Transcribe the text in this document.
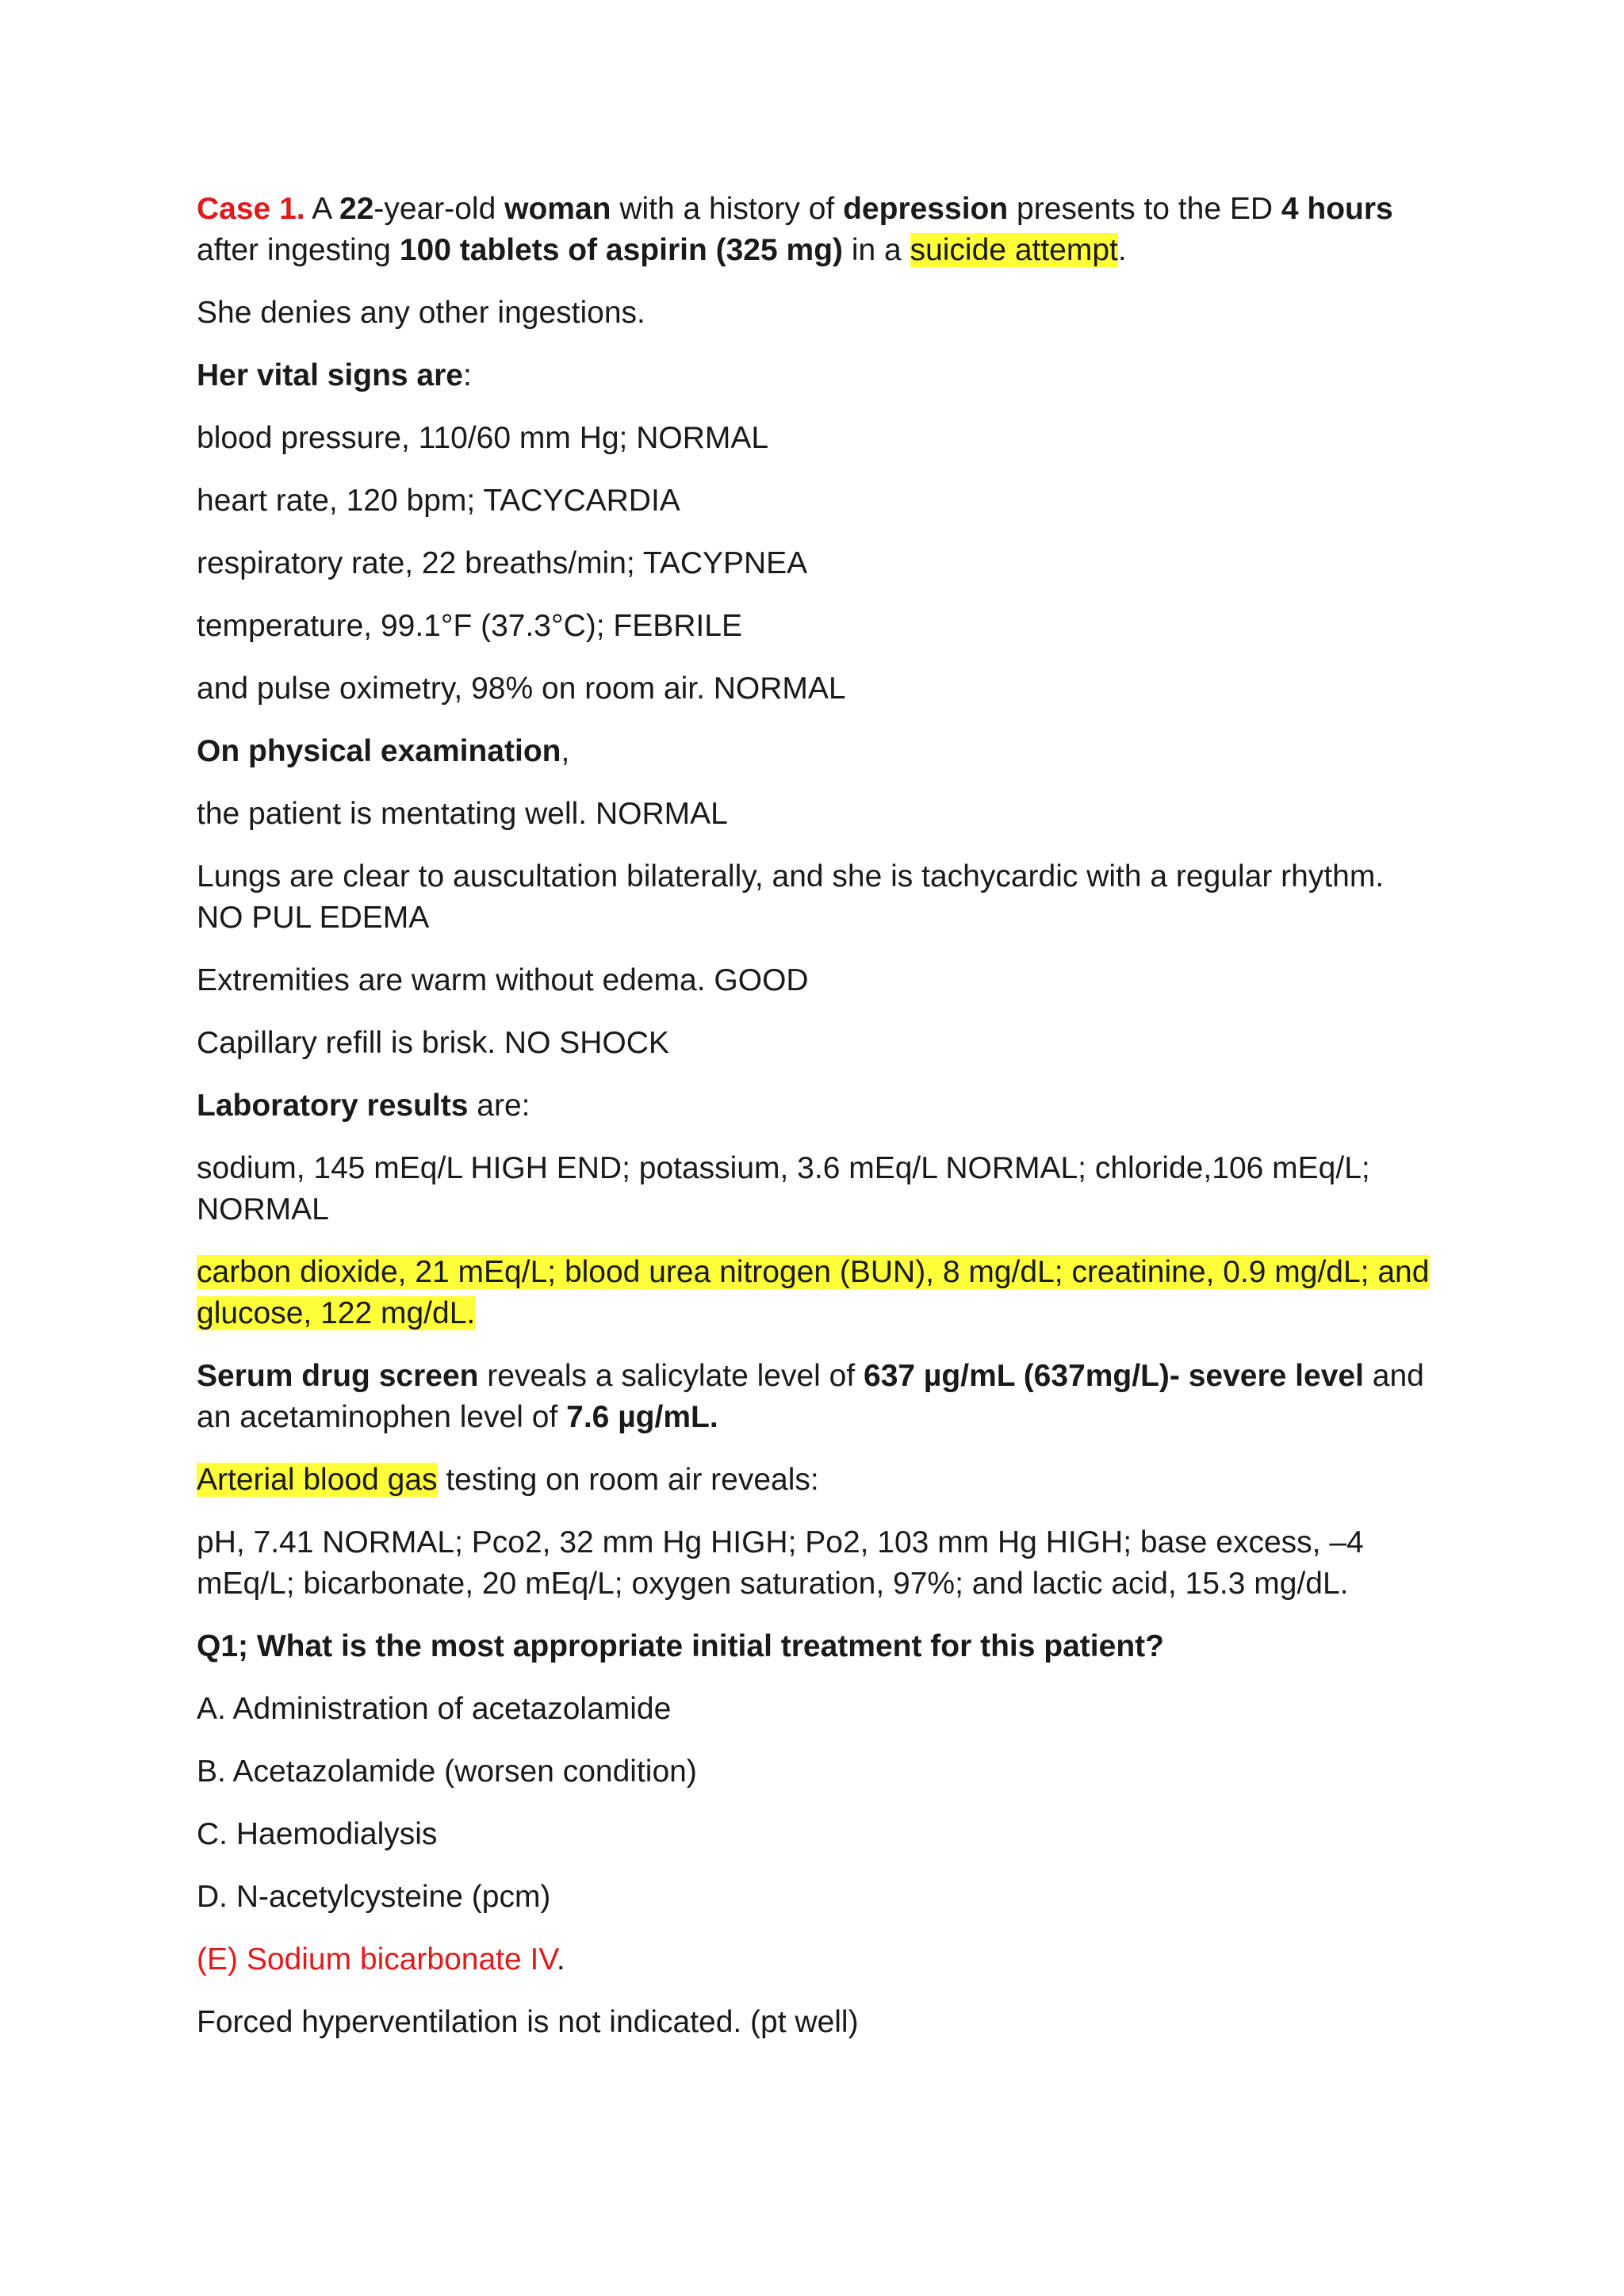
Case 1. A 22-year-old woman with a history of depression presents to the ED 4 hours after ingesting 100 tablets of aspirin (325 mg) in a suicide attempt.

She denies any other ingestions.

Her vital signs are:

blood pressure, 110/60 mm Hg; NORMAL

heart rate, 120 bpm; TACYCARDIA

respiratory rate, 22 breaths/min; TACYPNEA

temperature, 99.1°F (37.3°C); FEBRILE

and pulse oximetry, 98% on room air. NORMAL

On physical examination,

the patient is mentating well. NORMAL

Lungs are clear to auscultation bilaterally, and she is tachycardic with a regular rhythm. NO PUL EDEMA

Extremities are warm without edema. GOOD

Capillary refill is brisk. NO SHOCK

Laboratory results are:

sodium, 145 mEq/L HIGH END; potassium, 3.6 mEq/L NORMAL; chloride,106 mEq/L; NORMAL

carbon dioxide, 21 mEq/L; blood urea nitrogen (BUN), 8 mg/dL; creatinine, 0.9 mg/dL; and glucose, 122 mg/dL.

Serum drug screen reveals a salicylate level of 637 µg/mL (637mg/L)- severe level and an acetaminophen level of 7.6 µg/mL.

Arterial blood gas testing on room air reveals:

pH, 7.41 NORMAL; Pco2, 32 mm Hg HIGH; Po2, 103 mm Hg HIGH; base excess, –4 mEq/L; bicarbonate, 20 mEq/L; oxygen saturation, 97%; and lactic acid, 15.3 mg/dL.

Q1; What is the most appropriate initial treatment for this patient?

A. Administration of acetazolamide

B. Acetazolamide (worsen condition)

C. Haemodialysis

D. N-acetylcysteine (pcm)

(E) Sodium bicarbonate IV.

Forced hyperventilation is not indicated. (pt well)
